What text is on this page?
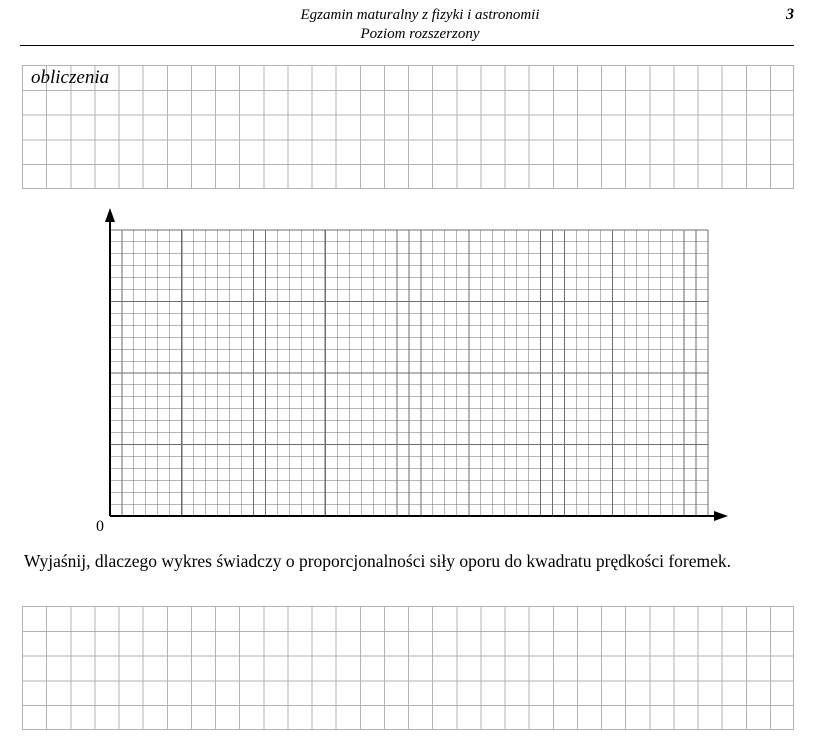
Egzamin maturalny z fizyki i astronomii
Poziom rozszerzony
3
obliczenia
0
Wyjaśnij, dlaczego wykres świadczy o proporcjonalności siły oporu do kwadratu prędkości foremek.
